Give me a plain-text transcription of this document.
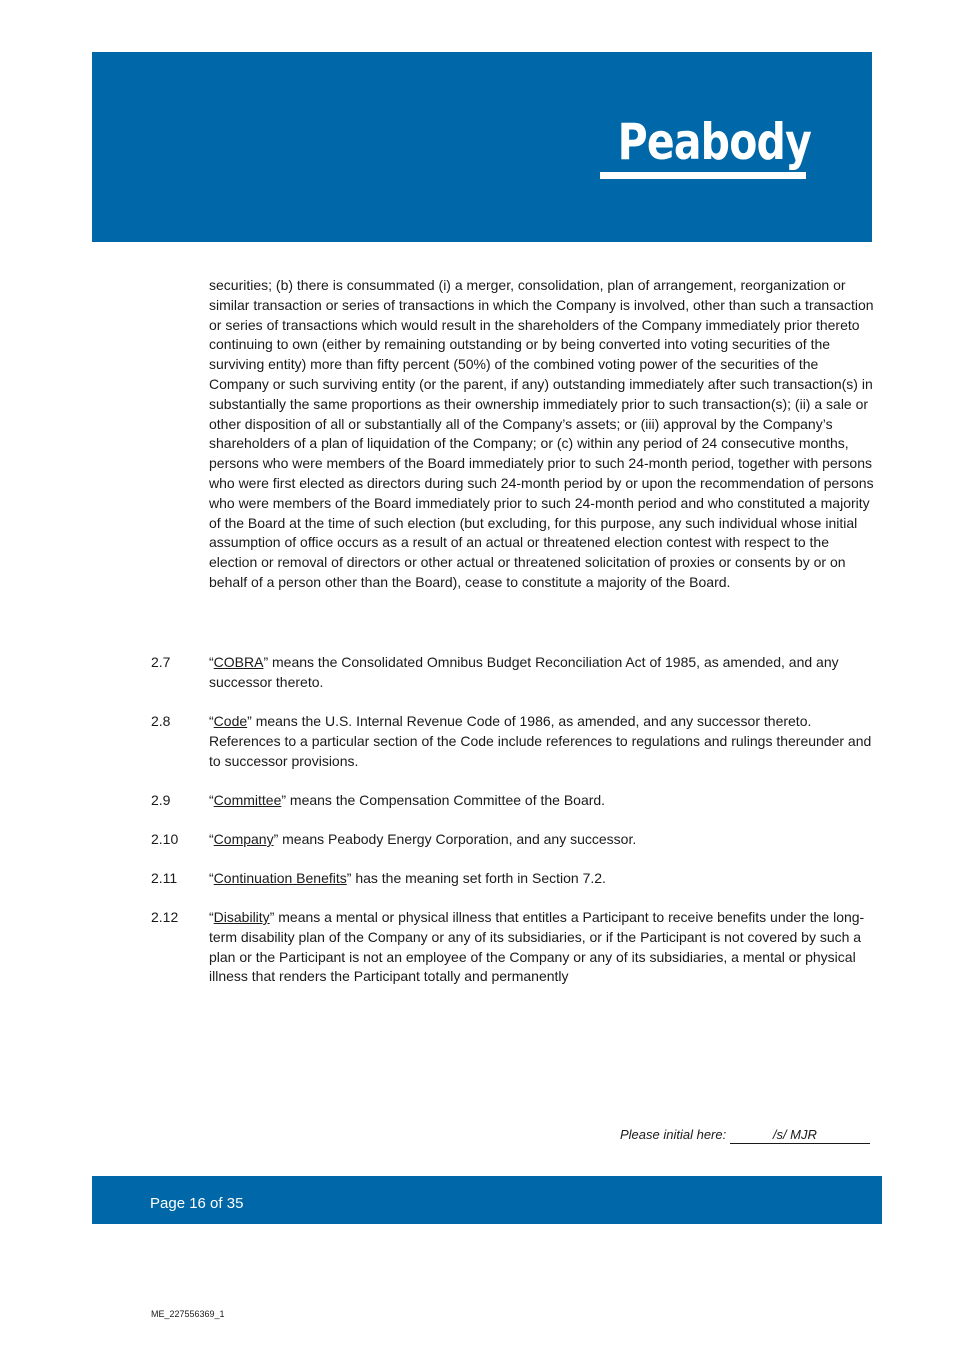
Peabody

securities; (b) there is consummated (i) a merger, consolidation, plan of arrangement, reorganization or similar transaction or series of transactions in which the Company is involved, other than such a transaction or series of transactions which would result in the shareholders of the Company immediately prior thereto continuing to own (either by remaining outstanding or by being converted into voting securities of the surviving entity) more than fifty percent (50%) of the combined voting power of the securities of the Company or such surviving entity (or the parent, if any) outstanding immediately after such transaction(s) in substantially the same proportions as their ownership immediately prior to such transaction(s); (ii) a sale or other disposition of all or substantially all of the Company’s assets; or (iii) approval by the Company’s shareholders of a plan of liquidation of the Company; or (c) within any period of 24 consecutive months, persons who were members of the Board immediately prior to such 24-month period, together with persons who were first elected as directors during such 24-month period by or upon the recommendation of persons who were members of the Board immediately prior to such 24-month period and who constituted a majority of the Board at the time of such election (but excluding, for this purpose, any such individual whose initial assumption of office occurs as a result of an actual or threatened election contest with respect to the election or removal of directors or other actual or threatened solicitation of proxies or consents by or on behalf of a person other than the Board), cease to constitute a majority of the Board.

2.7	“COBRA” means the Consolidated Omnibus Budget Reconciliation Act of 1985, as amended, and any successor thereto.

2.8	“Code” means the U.S. Internal Revenue Code of 1986, as amended, and any successor thereto. References to a particular section of the Code include references to regulations and rulings thereunder and to successor provisions.

2.9	“Committee” means the Compensation Committee of the Board.

2.10 “Company” means Peabody Energy Corporation, and any successor.

2.11 “Continuation Benefits” has the meaning set forth in Section 7.2.

2.12 “Disability” means a mental or physical illness that entitles a Participant to receive benefits under the long-term disability plan of the Company or any of its subsidiaries, or if the Participant is not covered by such a plan or the Participant is not an employee of the Company or any of its subsidiaries, a mental or physical illness that renders the Participant totally and permanently

Please initial here:	/s/ MJR
Page 16 of 35
ME_227556369_1
